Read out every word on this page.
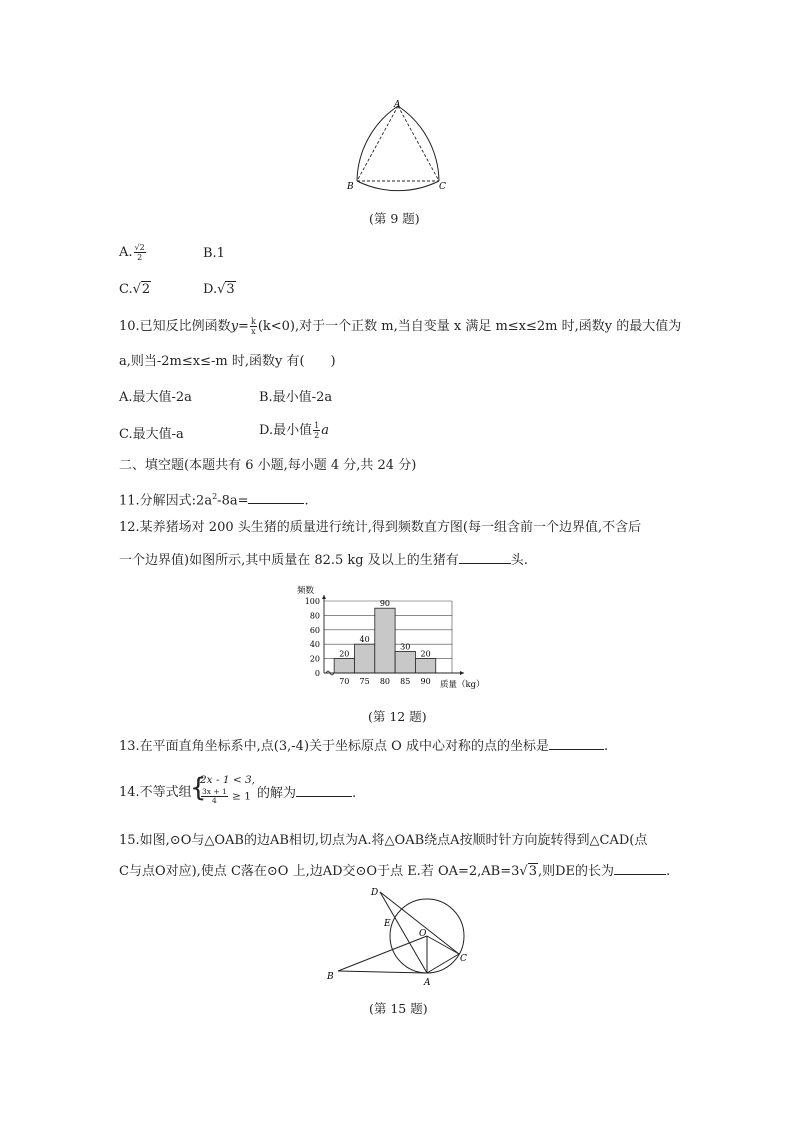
A
B	C
(第 9 题)
A. $\frac{√2}{2}$	B.1
C.√2	D.√3
10.已知反比例函数$y= \frac{k}{x} (k<0)$,对于一个正数 m,当自变量 x 满足 m≤x≤2m 时,函数y 的最大值为
a,则当-2m≤x≤-m 时,函数y 有(　　)
A.最大值-2a	B.最小值-2a
C.最大值-a	D.最小值 $\frac{1}{2}$ a
二、填空题(本题共有 6 小题,每小题 4 分,共 24 分)
11.分解因式$:2a^2-8a=$	.
12.某养猪场对 200 头生猪的质量进行统计,得到频数直方图(每一组含前一个边界值,不含后
一个边界值)如图所示,其中质量在 82.5 kg 及以上的生猪有	头.
20
40
90
30
20
0
20
40
60
80
100
70 75 80 85 90
频数
质量（kg）
(第 12 题)
13.在平面直角坐标系中,点(3,-4)关于坐标原点 O 成中心对称的点的坐标是	.
14.不等式组
{
2x - 1 < 3,
$\frac{3x + 1}{4} \ge 1$ 的解为	.
15.如图,⊙O与△OAB的边AB相切,切点为A.将△OAB绕点A按顺时针方向旋转得到△CAD(点
C与点O对应),使点 C落在⊙O 上,边AD交⊙O于点 E.若 OA=2,AB=3√3,则DE的长为	.
D
E
O
C
B
A
(第 15 题)
